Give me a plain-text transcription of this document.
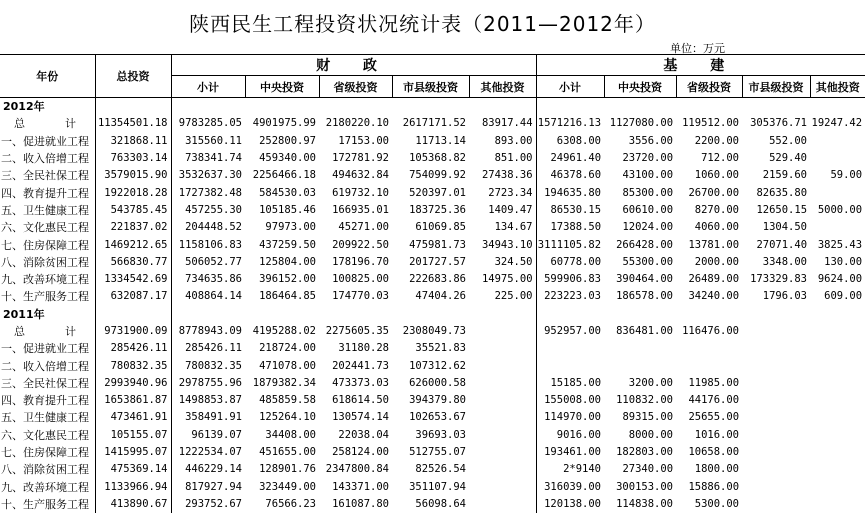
陕西民生工程投资状况统计表（2011—2012年）
单位：万元
年份	总投资	财 政					基 建				
		小计	中央投资	省级投资	市县级投资	其他投资	小计	中央投资	省级投资	市县级投资	其他投资
2012年											
总　　计	11354501.18	9783285.05	4901975.99	2180220.10	2617171.52	83917.44	1571216.13	1127080.00	119512.00	305376.71	19247.42
一、促进就业工程	321868.11	315560.11	252800.97	17153.00	11713.14	893.00	6308.00	3556.00	2200.00	552.00	
二、收入倍增工程	763303.14	738341.74	459340.00	172781.92	105368.82	851.00	24961.40	23720.00	712.00	529.40	
三、全民社保工程	3579015.90	3532637.30	2256466.18	494632.84	754099.92	27438.36	46378.60	43100.00	1060.00	2159.60	59.00
四、教育提升工程	1922018.28	1727382.48	584530.03	619732.10	520397.01	2723.34	194635.80	85300.00	26700.00	82635.80	
五、卫生健康工程	543785.45	457255.30	105185.46	166935.01	183725.36	1409.47	86530.15	60610.00	8270.00	12650.15	5000.00
六、文化惠民工程	221837.02	204448.52	97973.00	45271.00	61069.85	134.67	17388.50	12024.00	4060.00	1304.50	
七、住房保障工程	1469212.65	1158106.83	437259.50	209922.50	475981.73	34943.10	3111105.82	266428.00	13781.00	27071.40	3825.43
八、消除贫困工程	566830.77	506052.77	125804.00	178196.70	201727.57	324.50	60778.00	55300.00	2000.00	3348.00	130.00
九、改善环境工程	1334542.69	734635.86	396152.00	100825.00	222683.86	14975.00	599906.83	390464.00	26489.00	173329.83	9624.00
十、生产服务工程	632087.17	408864.14	186464.85	174770.03	47404.26	225.00	223223.03	186578.00	34240.00	1796.03	609.00
2011年											
总　　计	9731900.09	8778943.09	4195288.02	2275605.35	2308049.73		952957.00	836481.00	116476.00		
一、促进就业工程	285426.11	285426.11	218724.00	31180.28	35521.83						
二、收入倍增工程	780832.35	780832.35	471078.00	202441.73	107312.62						
三、全民社保工程	2993940.96	2978755.96	1879382.34	473373.03	626000.58		15185.00	3200.00	11985.00		
四、教育提升工程	1653861.87	1498853.87	485859.58	618614.50	394379.80		155008.00	110832.00	44176.00		
五、卫生健康工程	473461.91	358491.91	125264.10	130574.14	102653.67		114970.00	89315.00	25655.00		
六、文化惠民工程	105155.07	96139.07	34408.00	22038.04	39693.03		9016.00	8000.00	1016.00		
七、住房保障工程	1415995.07	1222534.07	451655.00	258124.00	512755.07		193461.00	182803.00	10658.00		
八、消除贫困工程	475369.14	446229.14	128901.76	2347800.84	82526.54		2*9140	27340.00	1800.00		
九、改善环境工程	1133966.94	817927.94	323449.00	143371.00	351107.94		316039.00	300153.00	15886.00		
十、生产服务工程	413890.67	293752.67	76566.23	161087.80	56098.64		120138.00	114838.00	5300.00		
